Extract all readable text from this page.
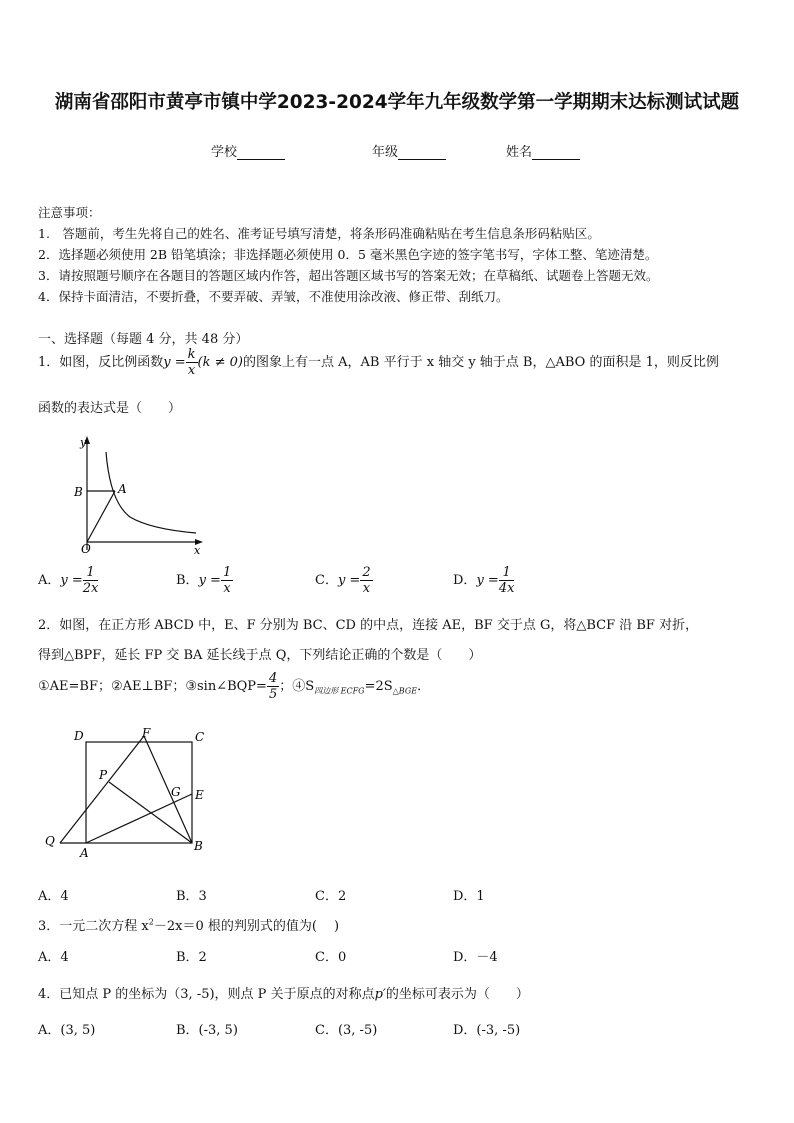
湖南省邵阳市黄亭市镇中学2023-2024学年九年级数学第一学期期末达标测试试题
学校	年级	姓名
注意事项：
1.　答题前，考生先将自己的姓名、准考证号填写清楚，将条形码准确粘贴在考生信息条形码粘贴区。
2．选择题必须使用 2B 铅笔填涂；非选择题必须使用 0．5 毫米黑色字迹的签字笔书写，字体工整、笔迹清楚。
3．请按照题号顺序在各题目的答题区域内作答，超出答题区域书写的答案无效；在草稿纸、试题卷上答题无效。
4．保持卡面清洁，不要折叠，不要弄破、弄皱，不准使用涂改液、修正带、刮纸刀。
一、选择题（每题 4 分，共 48 分）
1．如图，反比例函数$y = \frac{k}{x} (k \ne 0)$的图象上有一点 A，AB 平行于 x 轴交 y 轴于点 B，△ABO 的面积是 1，则反比例
函数的表达式是（　　）
y
x
O
A
B
A．$y = \frac{1}{2x}$	B．$y = \frac{1}{x}$	C．$y = \frac{2}{x}$	D．$y = \frac{1}{4x}$
2．如图，在正方形 ABCD 中，E、F 分别为 BC、CD 的中点，连接 AE，BF 交于点 G，将△BCF 沿 BF 对折，
得到△BPF，延长 FP 交 BA 延长线于点 Q，下列结论正确的个数是（　　）
①AE=BF；②AE⊥BF；③sin∠BQP= $\frac{4}{5}$ ；$④S_{四边形 ECFG}=2S_{\triangle BGE}$．
D	F	C
P
G E
Q
A	B
A．4	B．3	C．2	D．1
3．一元二次方程 $x^2-2x=0$ 根的判别式的值为(　 )
A．4	B．2	C．0	D．－4
4．已知点 P 的坐标为（3, -5)，则点 P 关于原点的对称点p′的坐标可表示为（　　）
A．(3, 5)	B．(-3, 5)	C．(3, -5)	D．(-3, -5)
